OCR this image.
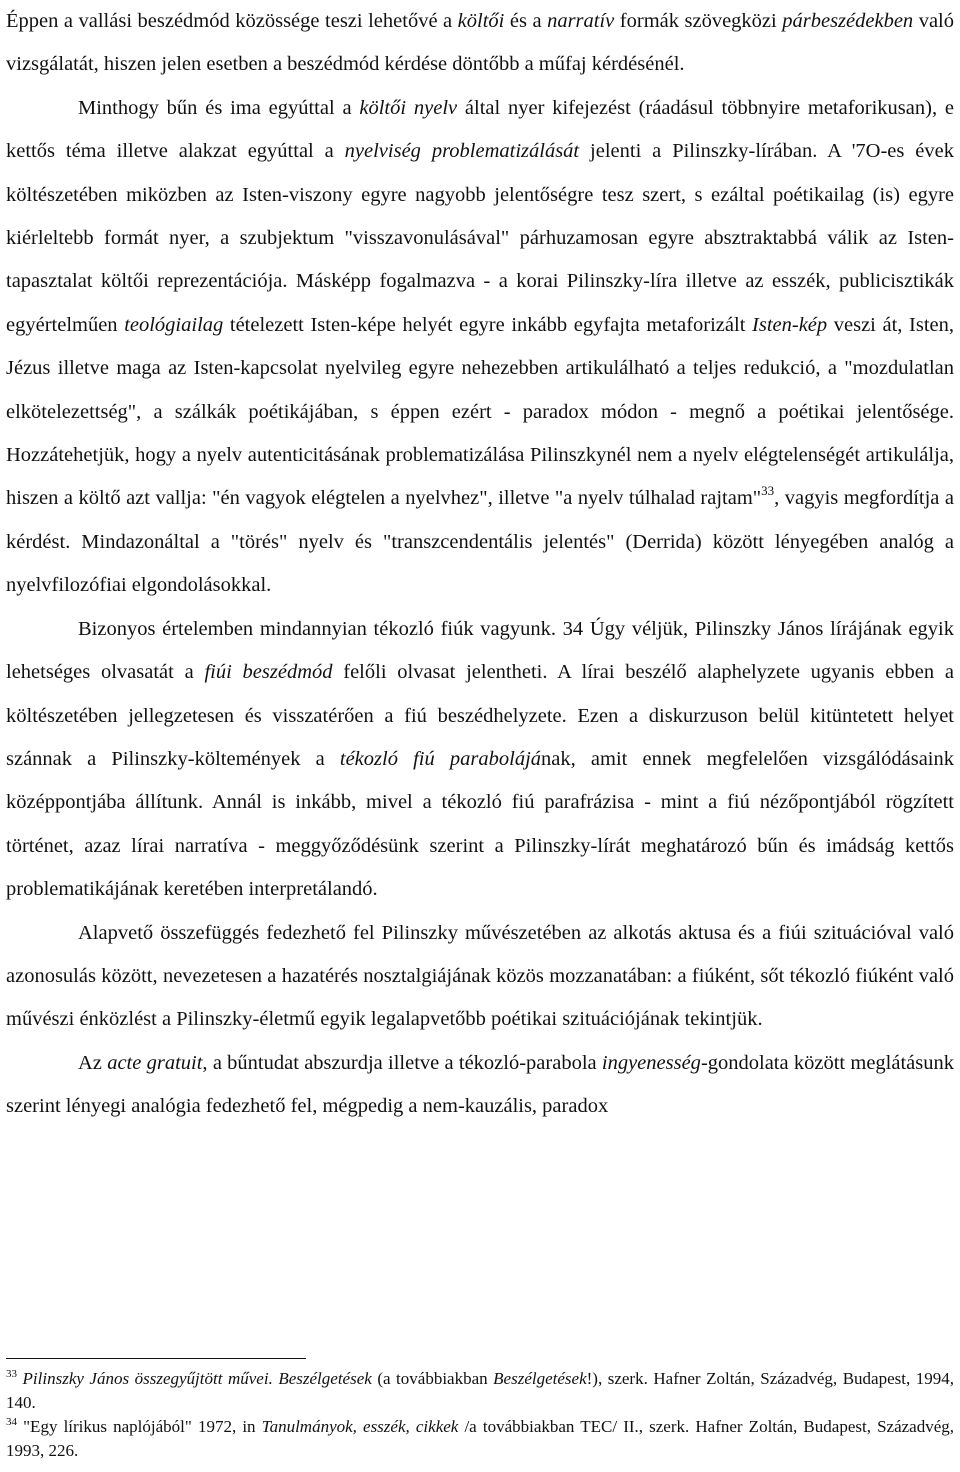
Éppen a vallási beszédmód közössége teszi lehetővé a költői és a narratív formák szövegközi párbeszédekben való vizsgálatát, hiszen jelen esetben a beszédmód kérdése döntőbb a műfaj kérdésénél.

Minthogy bűn és ima egyúttal a költői nyelv által nyer kifejezést (ráadásul többnyire metaforikusan), e kettős téma illetve alakzat egyúttal a nyelviség problematizálását jelenti a Pilinszky-lírában. A '7O-es évek költészetében miközben az Isten-viszony egyre nagyobb jelentőségre tesz szert, s ezáltal poétikailag (is) egyre kiérleltebb formát nyer, a szubjektum "visszavonulásával" párhuzamosan egyre absztraktabbá válik az Isten-tapasztalat költői reprezentációja. Másképp fogalmazva - a korai Pilinszky-líra illetve az esszék, publicisztikák egyértelműen teológiailag tételezett Isten-képe helyét egyre inkább egyfajta metaforizált Isten-kép veszi át, Isten, Jézus illetve maga az Isten-kapcsolat nyelvileg egyre nehezebben artikulálható a teljes redukció, a "mozdulatlan elkötelezettség", a szálkák poétikájában, s éppen ezért - paradox módon - megnő a poétikai jelentősége. Hozzátehetjük, hogy a nyelv autenticitásának problematizálása Pilinszkynél nem a nyelv elégtelenségét artikulálja, hiszen a költő azt vallja: "én vagyok elégtelen a nyelvhez", illetve "a nyelv túlhalad rajtam"$^{33}$, vagyis megfordítja a kérdést. Mindazonáltal a "törés" nyelv és "transzcendentális jelentés" (Derrida) között lényegében analóg a nyelvfilozófiai elgondolásokkal.

Bizonyos értelemben mindannyian tékozló fiúk vagyunk. 34 Úgy véljük, Pilinszky János lírájának egyik lehetséges olvasatát a fiúi beszédmód felőli olvasat jelentheti. A lírai beszélő alaphelyzete ugyanis ebben a költészetében jellegzetesen és visszatérően a fiú beszédhelyzete. Ezen a diskurzuson belül kitüntetett helyet szánnak a Pilinszky-költemények a tékozló fiú parabolájának, amit ennek megfelelően vizsgálódásaink középpontjába állítunk. Annál is inkább, mivel a tékozló fiú parafrázisa - mint a fiú nézőpontjából rögzített történet, azaz lírai narratíva - meggyőződésünk szerint a Pilinszky-lírát meghatározó bűn és imádság kettős problematikájának keretében interpretálandó.

Alapvető összefüggés fedezhető fel Pilinszky művészetében az alkotás aktusa és a fiúi szituációval való azonosulás között, nevezetesen a hazatérés nosztalgiájának közös mozzanatában: a fiúként, sőt tékozló fiúként való művészi énközlést a Pilinszky-életmű egyik legalapvetőbb poétikai szituációjának tekintjük.

Az acte gratuit, a bűntudat abszurdja illetve a tékozló-parabola ingyenesség-gondolata között meglátásunk szerint lényegi analógia fedezhető fel, mégpedig a nem-kauzális, paradox

$^{33}$ Pilinszky János összegyűjtött művei. Beszélgetések (a továbbiakban Beszélgetések!), szerk. Hafner Zoltán, Századvég, Budapest, 1994, 140.

$^{34}$ "Egy lírikus naplójából" 1972, in Tanulmányok, esszék, cikkek /a továbbiakban TEC/ II., szerk. Hafner Zoltán, Budapest, Századvég, 1993, 226.
